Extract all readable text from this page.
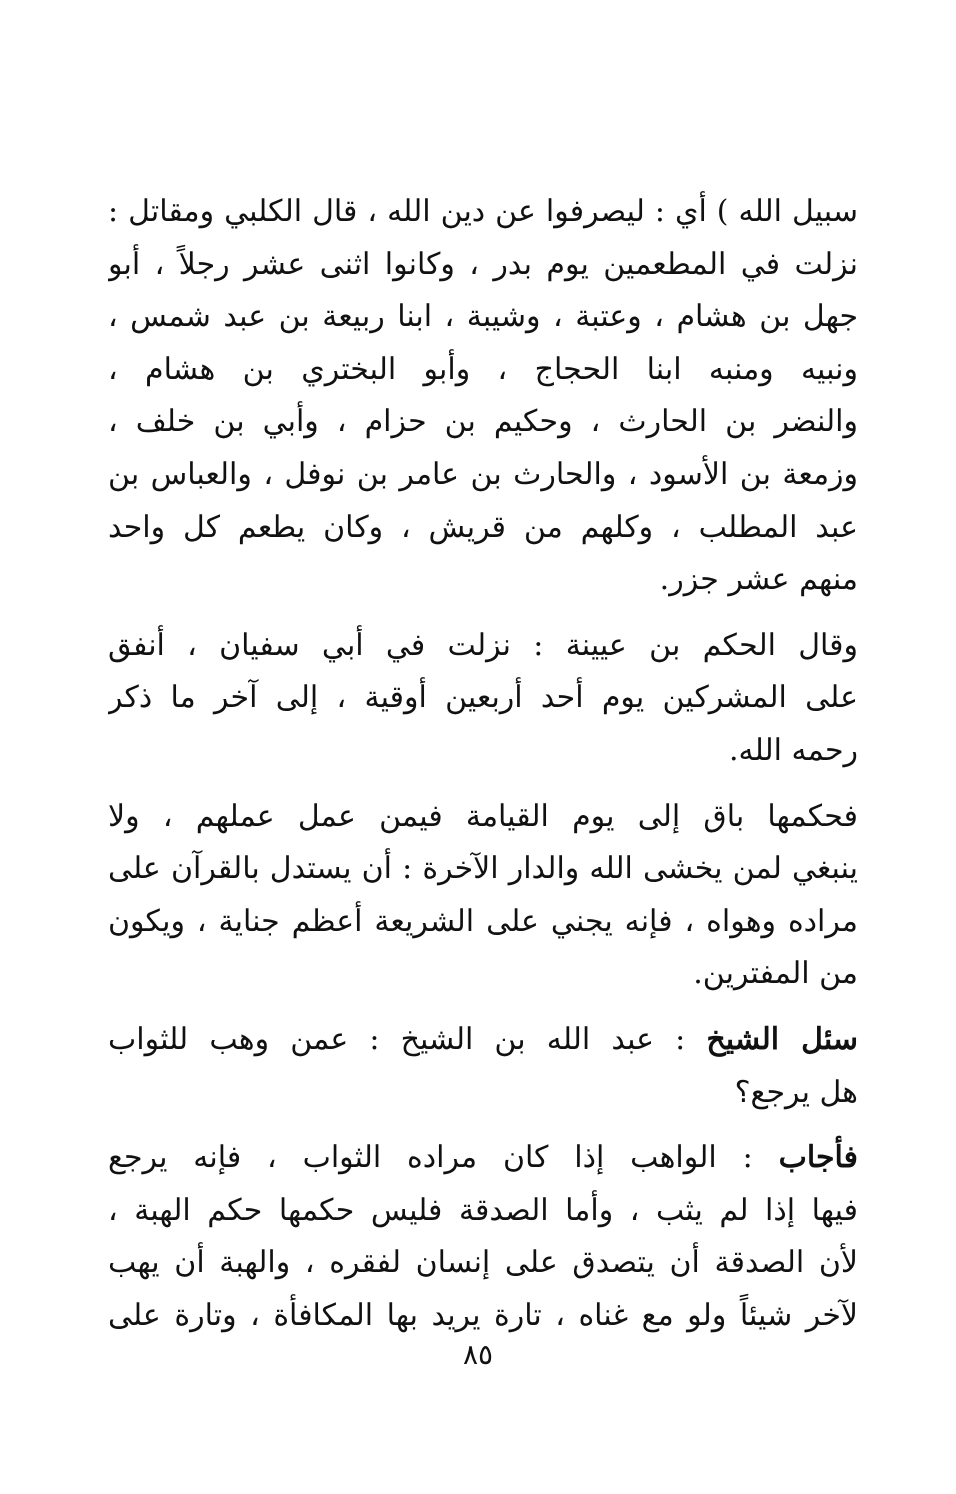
سبيل الله ) أي : ليصرفوا عن دين الله ، قال الكلبي ومقاتل :
نزلت في المطعمين يوم بدر ، وكانوا اثنى عشر رجلاً ، أبو
جهل بن هشام ، وعتبة ، وشيبة ، ابنا ربيعة بن عبد شمس ،
ونبيه ومنبه ابنا الحجاج ، وأبو البختري بن هشام ،
والنضر بن الحارث ، وحكيم بن حزام ، وأبي بن خلف ،
وزمعة بن الأسود ، والحارث بن عامر بن نوفل ، والعباس بن
عبد المطلب ، وكلهم من قريش ، وكان يطعم كل واحد
منهم عشر جزر.
وقال الحكم بن عيينة : نزلت في أبي سفيان ، أنفق
على المشركين يوم أحد أربعين أوقية ، إلى آخر ما ذكر
رحمه الله.
فحكمها باق إلى يوم القيامة فيمن عمل عملهم ، ولا
ينبغي لمن يخشى الله والدار الآخرة : أن يستدل بالقرآن على
مراده وهواه ، فإنه يجني على الشريعة أعظم جناية ، ويكون
من المفترين.
سئل الشيخ : عبد الله بن الشيخ : عمن وهب للثواب
هل يرجع؟
فأجاب : الواهب إذا كان مراده الثواب ، فإنه يرجع
فيها إذا لم يثب ، وأما الصدقة فليس حكمها حكم الهبة ،
لأن الصدقة أن يتصدق على إنسان لفقره ، والهبة أن يهب
لآخر شيئاً ولو مع غناه ، تارة يريد بها المكافأة ، وتارة على
٨٥
